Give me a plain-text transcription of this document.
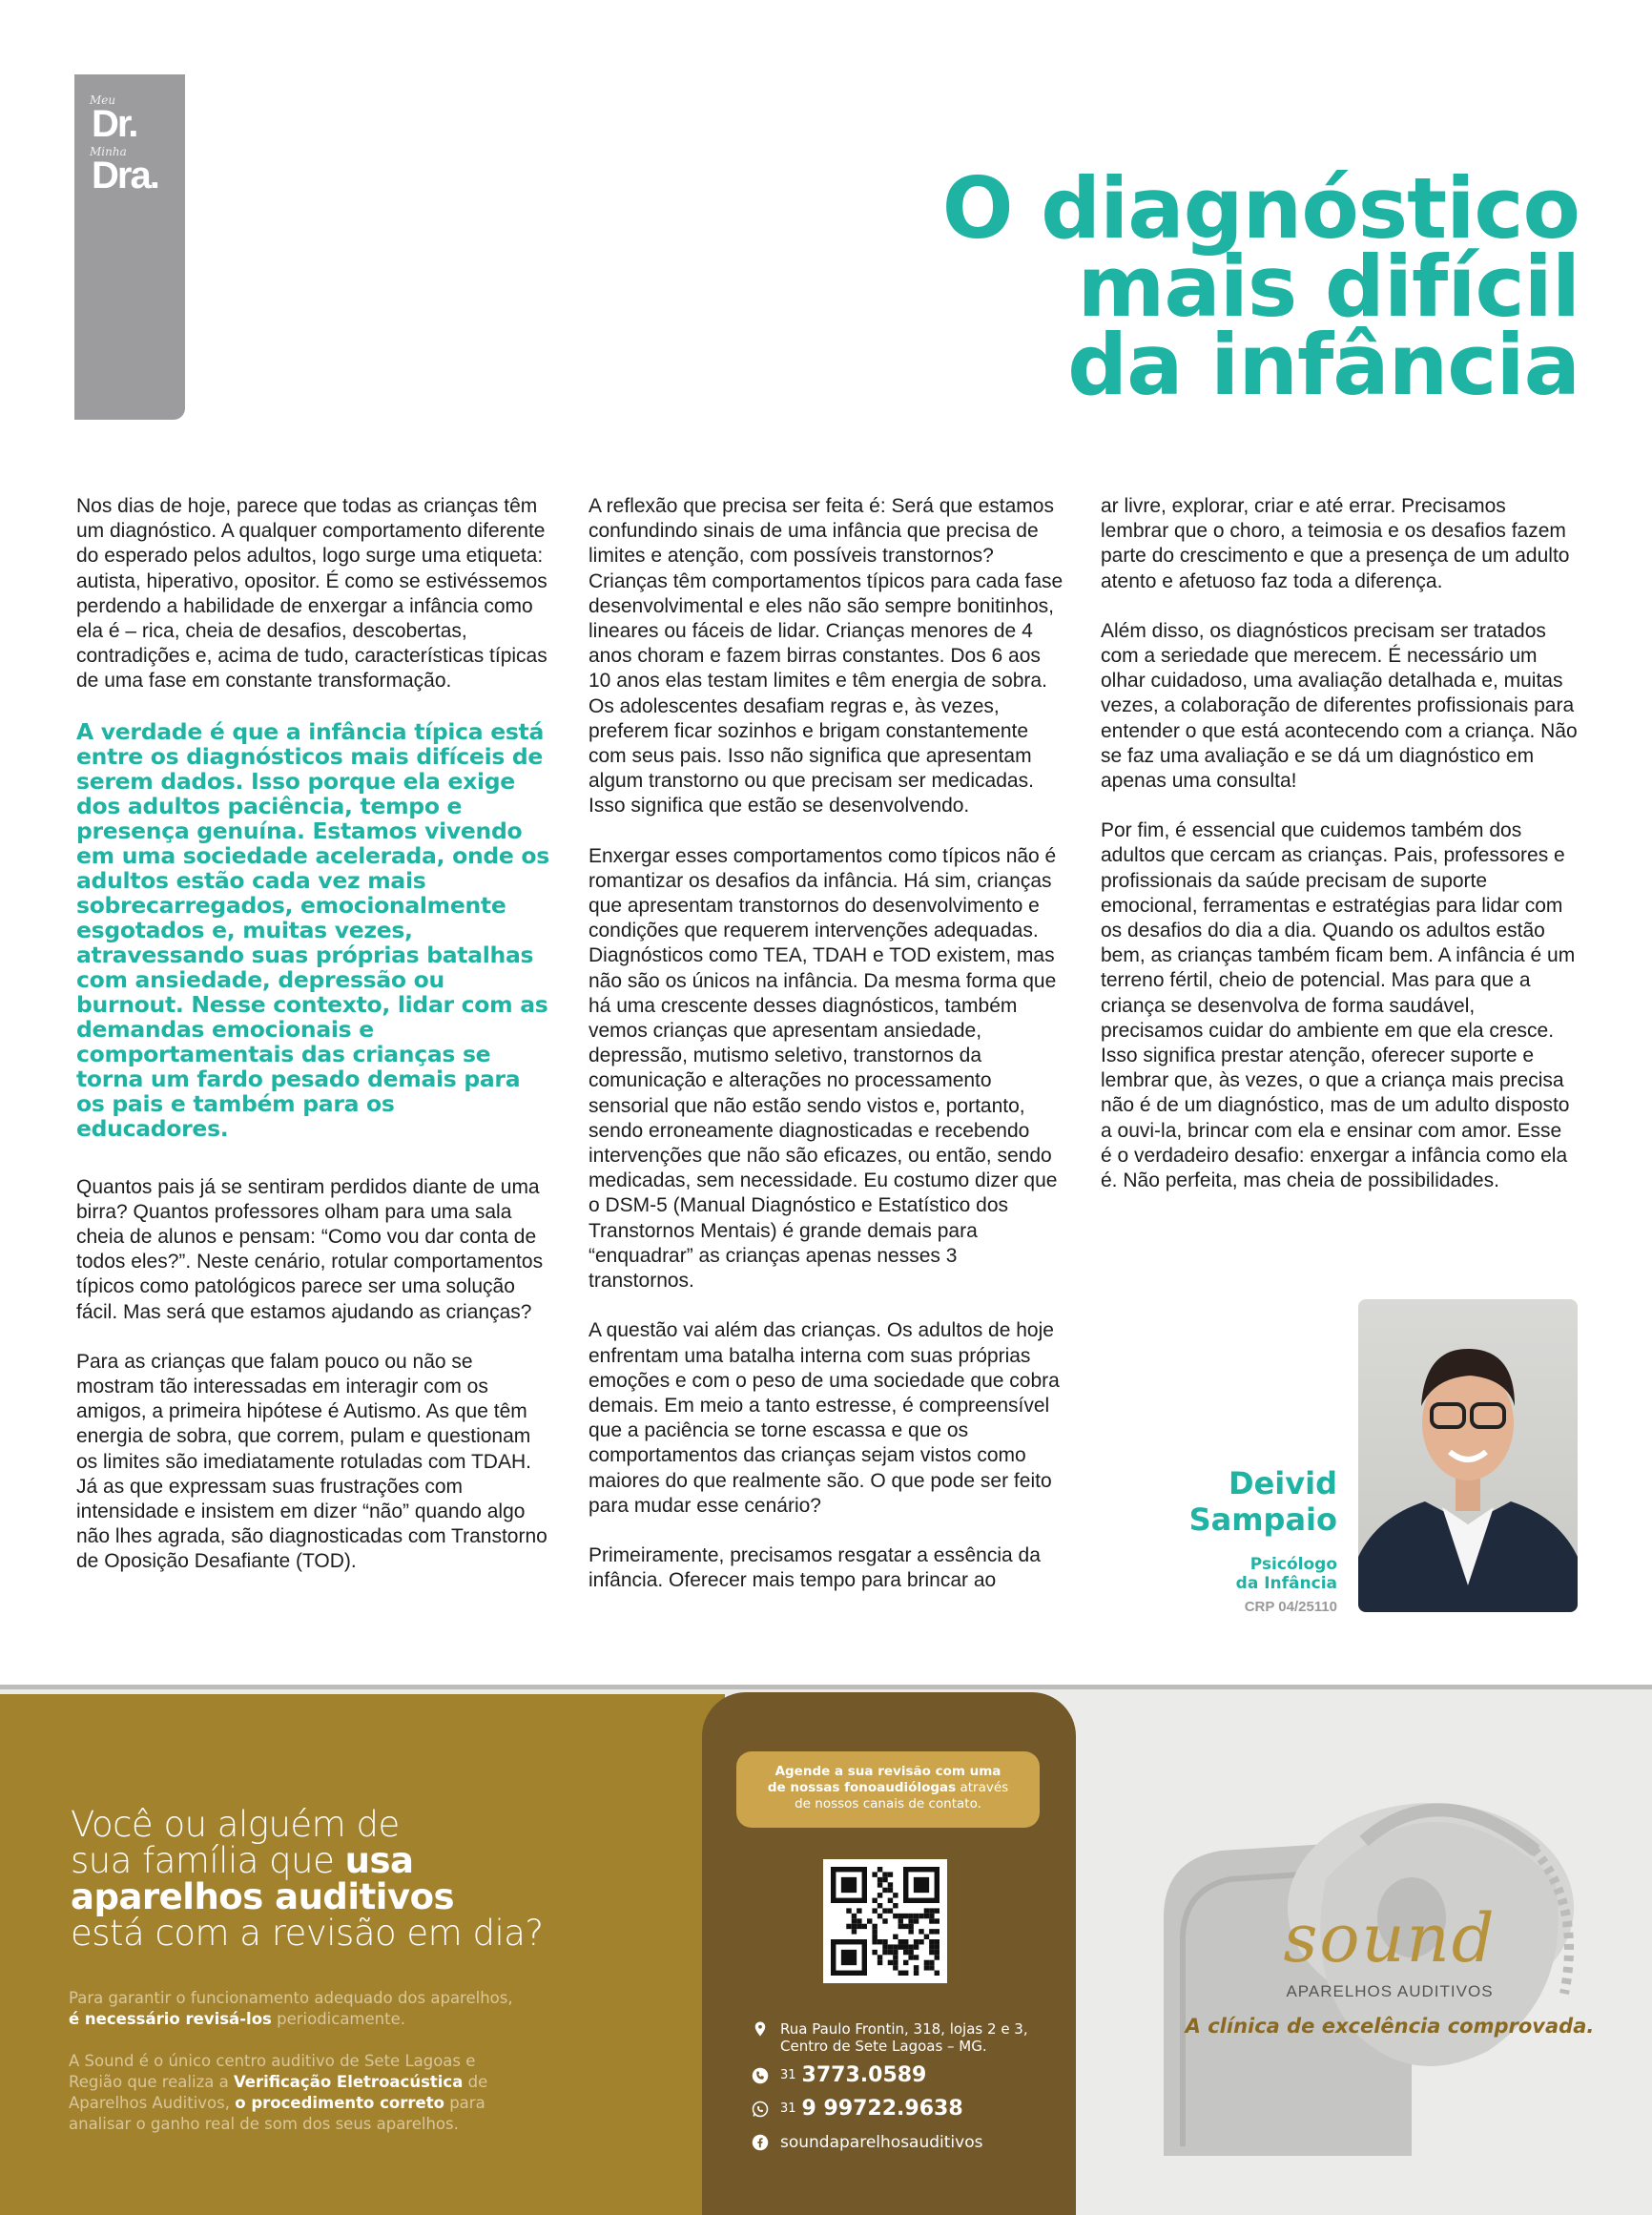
Meu
Dr.
Minha
Dra.	O diagnóstico
mais difícil
da infância

Nos dias de hoje, parece que todas as crianças têm um diagnóstico. A qualquer comportamento diferente do esperado pelos adultos, logo surge uma etiqueta: autista, hiperativo, opositor. É como se estivéssemos perdendo a habilidade de enxergar a infância como ela é – rica, cheia de desafios, descobertas, contradições e, acima de tudo, características típicas de uma fase em constante transformação.

A verdade é que a infância típica está entre os diagnósticos mais difíceis de serem dados. Isso porque ela exige dos adultos paciência, tempo e presença genuína. Estamos vivendo em uma sociedade acelerada, onde os adultos estão cada vez mais sobrecarregados, emocionalmente esgotados e, muitas vezes, atravessando suas próprias batalhas com ansiedade, depressão ou burnout. Nesse contexto, lidar com as demandas emocionais e comportamentais das crianças se torna um fardo pesado demais para os pais e também para os educadores.

Quantos pais já se sentiram perdidos diante de uma birra? Quantos professores olham para uma sala cheia de alunos e pensam: “Como vou dar conta de todos eles?”. Neste cenário, rotular comportamentos típicos como patológicos parece ser uma solução fácil. Mas será que estamos ajudando as crianças?

Para as crianças que falam pouco ou não se mostram tão interessadas em interagir com os amigos, a primeira hipótese é Autismo. As que têm energia de sobra, que correm, pulam e questionam os limites são imediatamente rotuladas com TDAH. Já as que expressam suas frustrações com intensidade e insistem em dizer “não” quando algo não lhes agrada, são diagnosticadas com Transtorno de Oposição Desafiante (TOD).

A reflexão que precisa ser feita é: Será que estamos confundindo sinais de uma infância que precisa de limites e atenção, com possíveis transtornos? Crianças têm comportamentos típicos para cada fase desenvolvimental e eles não são sempre bonitinhos, lineares ou fáceis de lidar. Crianças menores de 4 anos choram e fazem birras constantes. Dos 6 aos 10 anos elas testam limites e têm energia de sobra. Os adolescentes desafiam regras e, às vezes, preferem ficar sozinhos e brigam constantemente com seus pais. Isso não significa que apresentam algum transtorno ou que precisam ser medicadas. Isso significa que estão se desenvolvendo.

Enxergar esses comportamentos como típicos não é romantizar os desafios da infância. Há sim, crianças que apresentam transtornos do desenvolvimento e condições que requerem intervenções adequadas. Diagnósticos como TEA, TDAH e TOD existem, mas não são os únicos na infância. Da mesma forma que há uma crescente desses diagnósticos, também vemos crianças que apresentam ansiedade, depressão, mutismo seletivo, transtornos da comunicação e alterações no processamento sensorial que não estão sendo vistos e, portanto, sendo erroneamente diagnosticadas e recebendo intervenções que não são eficazes, ou então, sendo medicadas, sem necessidade. Eu costumo dizer que o DSM-5 (Manual Diagnóstico e Estatístico dos Transtornos Mentais) é grande demais para “enquadrar” as crianças apenas nesses 3 transtornos.

A questão vai além das crianças. Os adultos de hoje enfrentam uma batalha interna com suas próprias emoções e com o peso de uma sociedade que cobra demais. Em meio a tanto estresse, é compreensível que a paciência se torne escassa e que os comportamentos das crianças sejam vistos como maiores do que realmente são. O que pode ser feito para mudar esse cenário?

Primeiramente, precisamos resgatar a essência da infância. Oferecer mais tempo para brincar ao

ar livre, explorar, criar e até errar. Precisamos lembrar que o choro, a teimosia e os desafios fazem parte do crescimento e que a presença de um adulto atento e afetuoso faz toda a diferença.

Além disso, os diagnósticos precisam ser tratados com a seriedade que merecem. É necessário um olhar cuidadoso, uma avaliação detalhada e, muitas vezes, a colaboração de diferentes profissionais para entender o que está acontecendo com a criança. Não se faz uma avaliação e se dá um diagnóstico em apenas uma consulta!

Por fim, é essencial que cuidemos também dos adultos que cercam as crianças. Pais, professores e profissionais da saúde precisam de suporte emocional, ferramentas e estratégias para lidar com os desafios do dia a dia. Quando os adultos estão bem, as crianças também ficam bem. A infância é um terreno fértil, cheio de potencial. Mas para que a criança se desenvolva de forma saudável, precisamos cuidar do ambiente em que ela cresce. Isso significa prestar atenção, oferecer suporte e lembrar que, às vezes, o que a criança mais precisa não é de um diagnóstico, mas de um adulto disposto a ouvi-la, brincar com ela e ensinar com amor. Esse é o verdadeiro desafio: enxergar a infância como ela é. Não perfeita, mas cheia de possibilidades.

Deivid
Sampaio
Psicólogo
da Infância
CRP 04/25110
Você ou alguém de
sua família que usa
aparelhos auditivos
está com a revisão em dia?
Para garantir o funcionamento adequado dos aparelhos,
é necessário revisá-los periodicamente.
A Sound é o único centro auditivo de Sete Lagoas e
Região que realiza a Verificação Eletroacústica de
Aparelhos Auditivos, o procedimento correto para
analisar o ganho real de som dos seus aparelhos.
Agende a sua revisão com uma
de nossas fonoaudiólogas através
de nossos canais de contato.
Rua Paulo Frontin, 318, lojas 2 e 3,
Centro de Sete Lagoas – MG.
31 3773.0589
31 9 99722.9638
soundaparelhosauditivos
sound
APARELHOS AUDITIVOS
A clínica de excelência comprovada.
